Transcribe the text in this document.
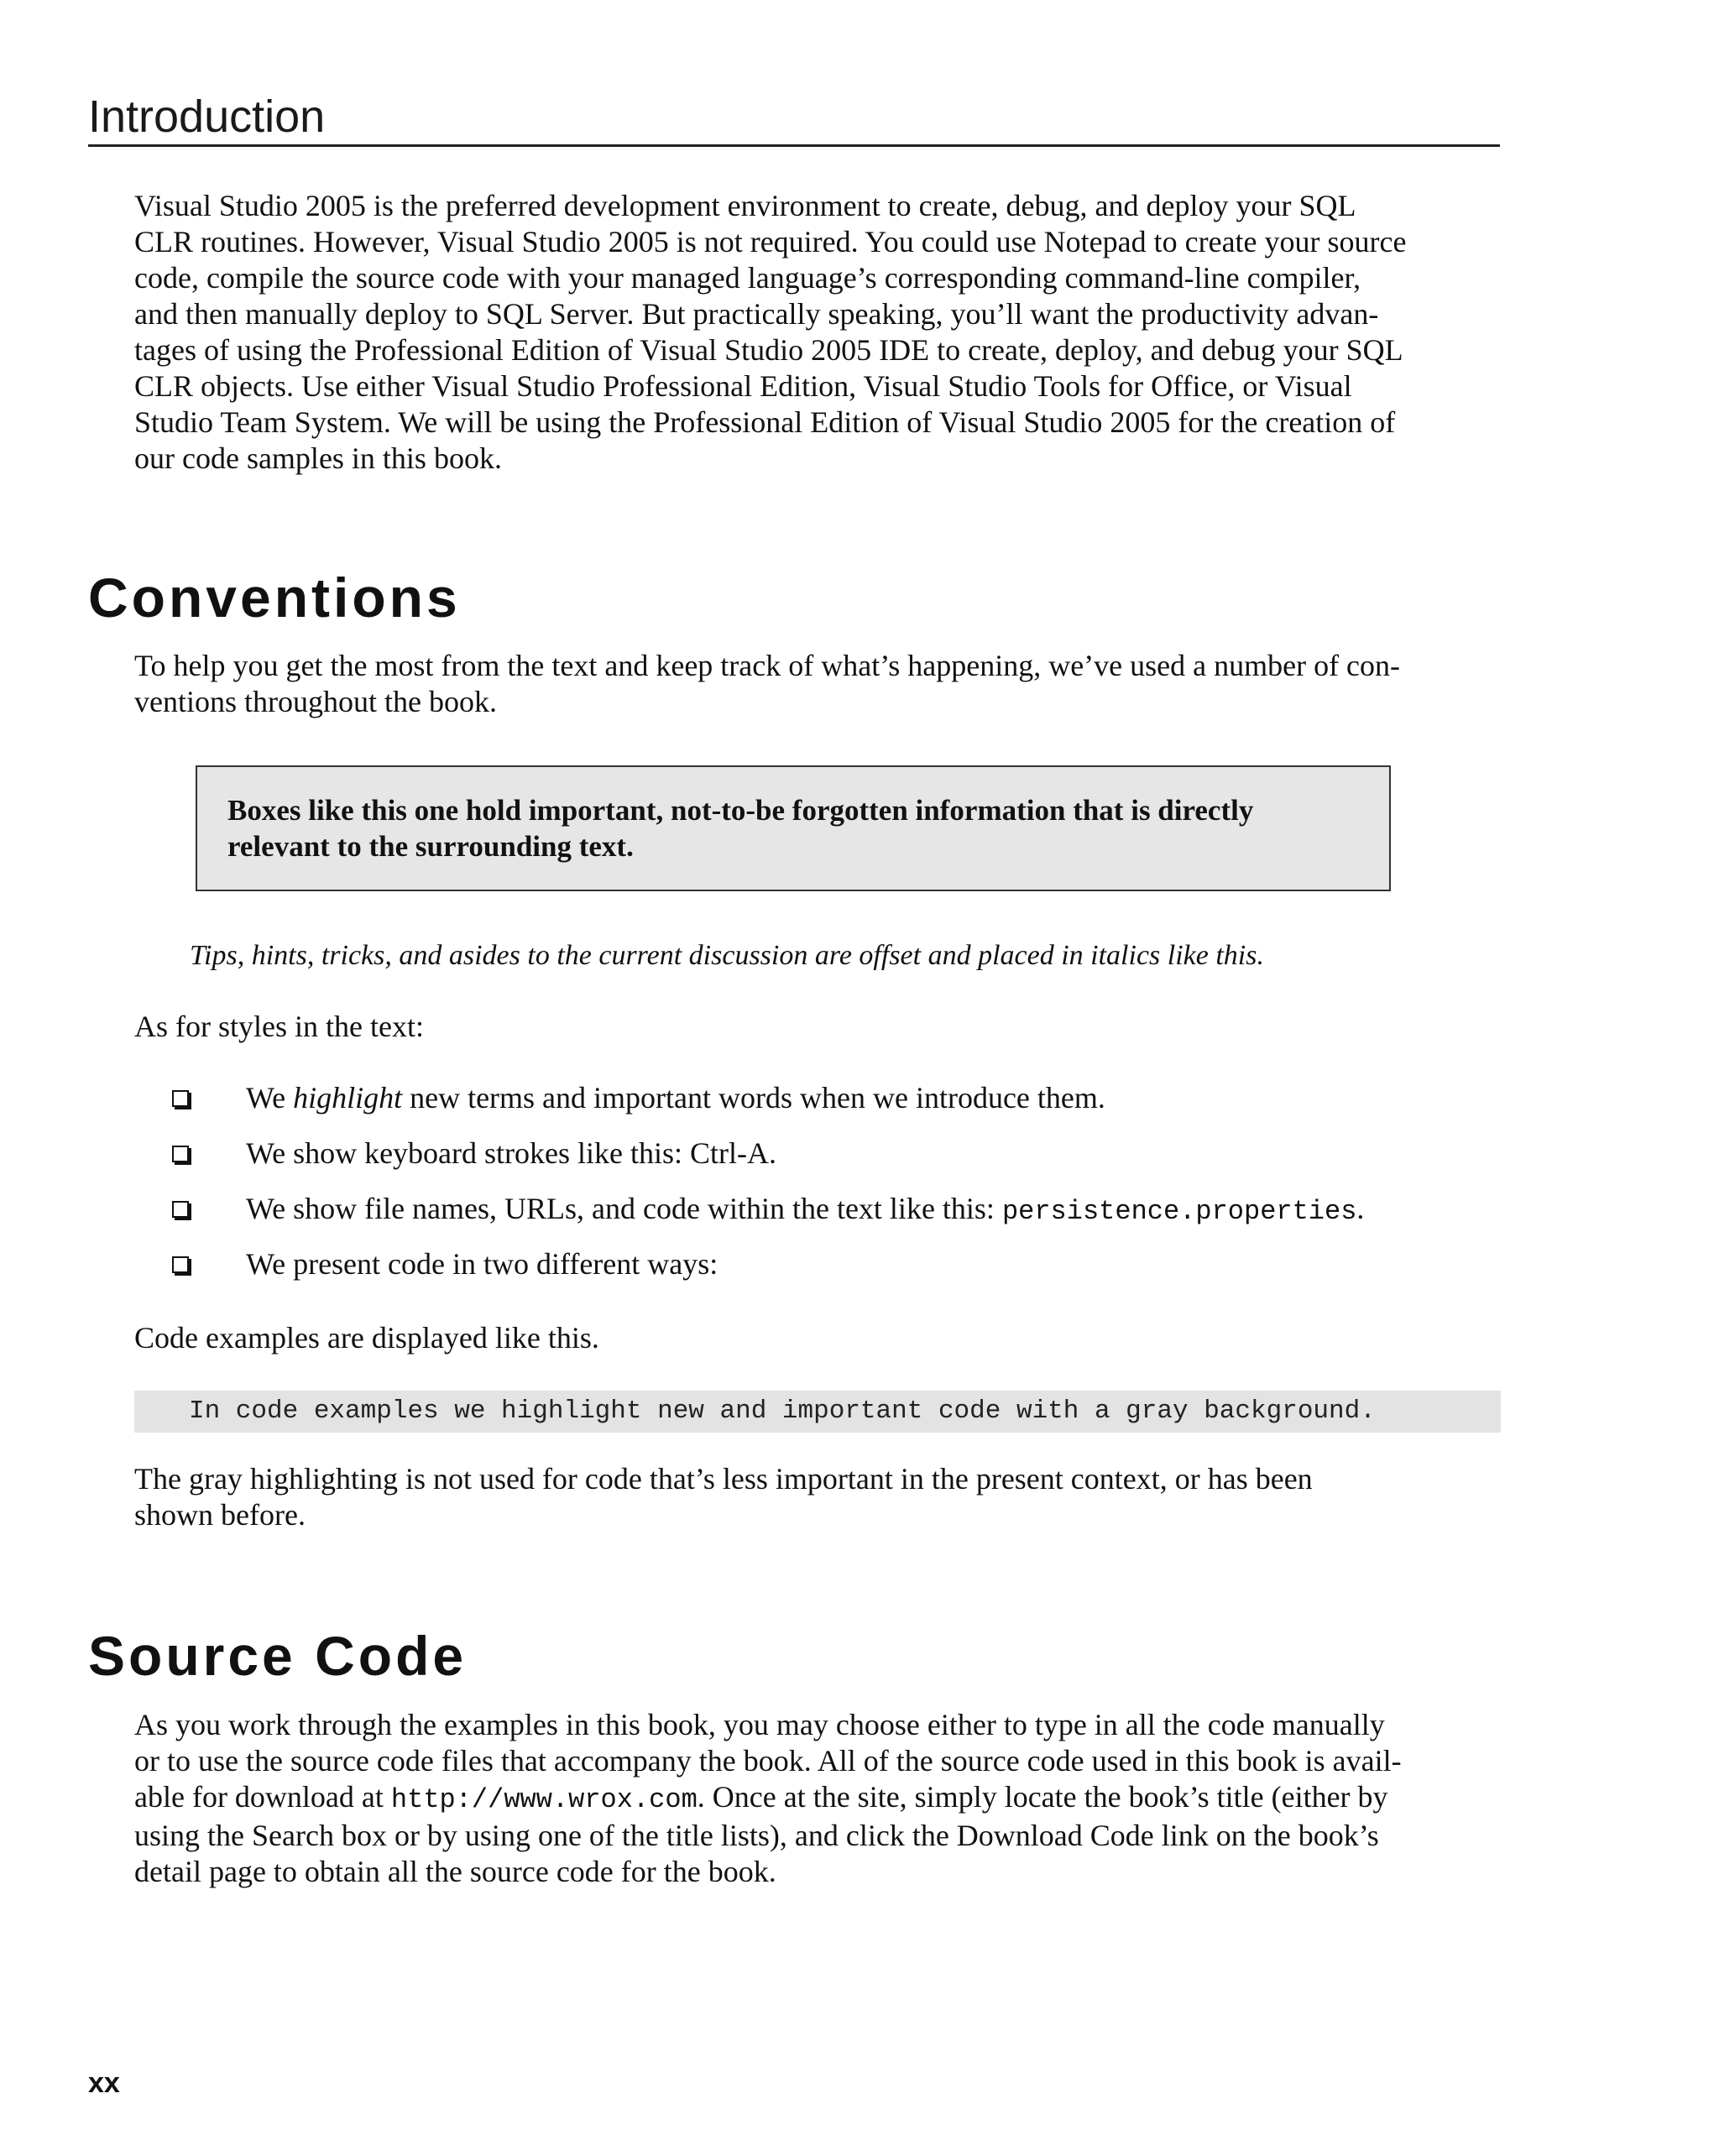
Introduction

Visual Studio 2005 is the preferred development environment to create, debug, and deploy your SQL
CLR routines. However, Visual Studio 2005 is not required. You could use Notepad to create your source
code, compile the source code with your managed language’s corresponding command-line compiler,
and then manually deploy to SQL Server. But practically speaking, you’ll want the productivity advan-
tages of using the Professional Edition of Visual Studio 2005 IDE to create, deploy, and debug your SQL
CLR objects. Use either Visual Studio Professional Edition, Visual Studio Tools for Office, or Visual
Studio Team System. We will be using the Professional Edition of Visual Studio 2005 for the creation of
our code samples in this book.

Conventions

To help you get the most from the text and keep track of what’s happening, we’ve used a number of con-
ventions throughout the book.

Boxes like this one hold important, not-to-be forgotten information that is directly
relevant to the surrounding text.
Tips, hints, tricks, and asides to the current discussion are offset and placed in italics like this.

As for styles in the text:

We highlight new terms and important words when we introduce them.
We show keyboard strokes like this: Ctrl-A.
We show file names, URLs, and code within the text like this: persistence.properties.
We present code in two different ways:

Code examples are displayed like this.

In code examples we highlight new and important code with a gray background.

The gray highlighting is not used for code that’s less important in the present context, or has been
shown before.

Source Code

As you work through the examples in this book, you may choose either to type in all the code manually
or to use the source code files that accompany the book. All of the source code used in this book is avail-
able for download at http://www.wrox.com. Once at the site, simply locate the book’s title (either by
using the Search box or by using one of the title lists), and click the Download Code link on the book’s
detail page to obtain all the source code for the book.

xx
